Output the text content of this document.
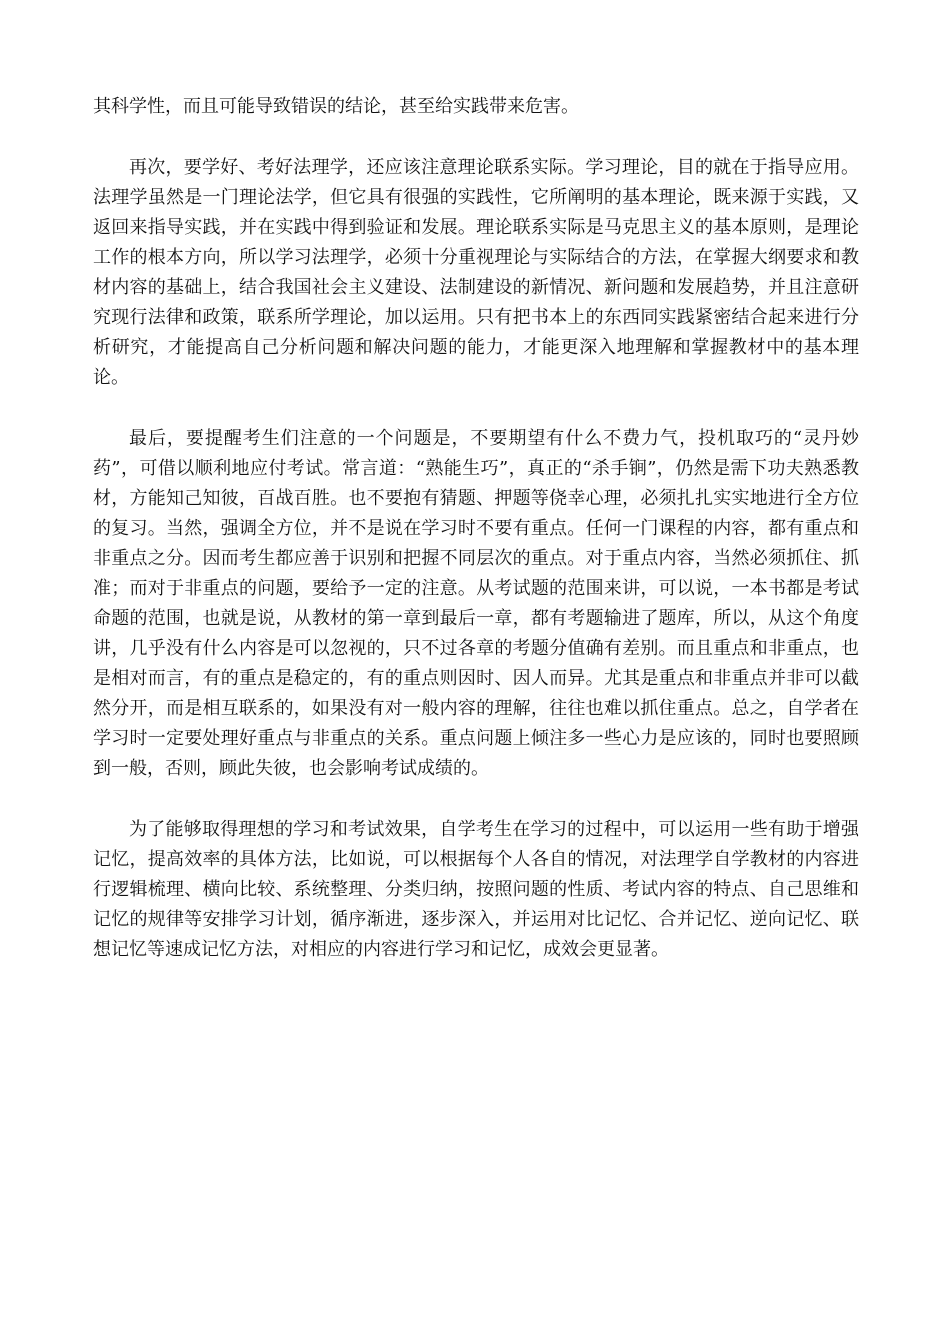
其科学性，而且可能导致错误的结论，甚至给实践带来危害。

再次，要学好、考好法理学，还应该注意理论联系实际。学习理论，目的就在于指导应用。法理学虽然是一门理论法学，但它具有很强的实践性，它所阐明的基本理论，既来源于实践，又返回来指导实践，并在实践中得到验证和发展。理论联系实际是马克思主义的基本原则，是理论工作的根本方向，所以学习法理学，必须十分重视理论与实际结合的方法，在掌握大纲要求和教材内容的基础上，结合我国社会主义建设、法制建设的新情况、新问题和发展趋势，并且注意研究现行法律和政策，联系所学理论，加以运用。只有把书本上的东西同实践紧密结合起来进行分析研究，才能提高自己分析问题和解决问题的能力，才能更深入地理解和掌握教材中的基本理论。

最后，要提醒考生们注意的一个问题是，不要期望有什么不费力气，投机取巧的“灵丹妙药”，可借以顺利地应付考试。常言道：“熟能生巧”，真正的“杀手锏”，仍然是需下功夫熟悉教材，方能知己知彼，百战百胜。也不要抱有猜题、押题等侥幸心理，必须扎扎实实地进行全方位的复习。当然，强调全方位，并不是说在学习时不要有重点。任何一门课程的内容，都有重点和非重点之分。因而考生都应善于识别和把握不同层次的重点。对于重点内容，当然必须抓住、抓准；而对于非重点的问题，要给予一定的注意。从考试题的范围来讲，可以说，一本书都是考试命题的范围，也就是说，从教材的第一章到最后一章，都有考题输进了题库，所以，从这个角度讲，几乎没有什么内容是可以忽视的，只不过各章的考题分值确有差别。而且重点和非重点，也是相对而言，有的重点是稳定的，有的重点则因时、因人而异。尤其是重点和非重点并非可以截然分开，而是相互联系的，如果没有对一般内容的理解，往往也难以抓住重点。总之，自学者在学习时一定要处理好重点与非重点的关系。重点问题上倾注多一些心力是应该的，同时也要照顾到一般，否则，顾此失彼，也会影响考试成绩的。

为了能够取得理想的学习和考试效果，自学考生在学习的过程中，可以运用一些有助于增强记忆，提高效率的具体方法，比如说，可以根据每个人各自的情况，对法理学自学教材的内容进行逻辑梳理、横向比较、系统整理、分类归纳，按照问题的性质、考试内容的特点、自己思维和记忆的规律等安排学习计划，循序渐进，逐步深入，并运用对比记忆、合并记忆、逆向记忆、联想记忆等速成记忆方法，对相应的内容进行学习和记忆，成效会更显著。
